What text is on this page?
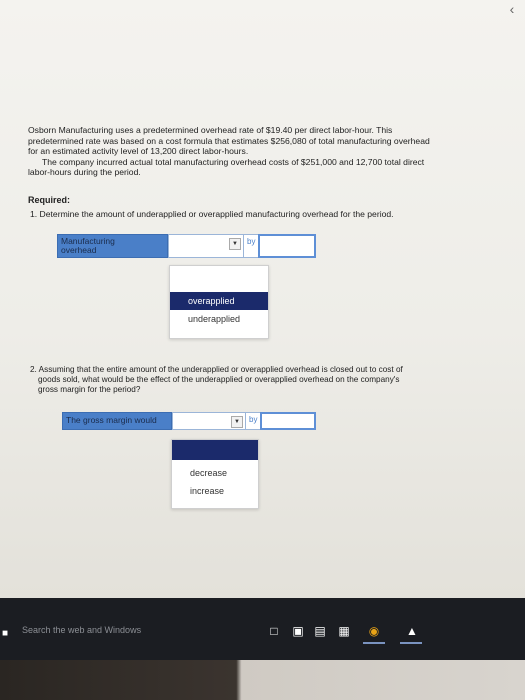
‹

Osborn Manufacturing uses a predetermined overhead rate of $19.40 per direct labor-hour. This

predetermined rate was based on a cost formula that estimates $256,080 of total manufacturing overhead

for an estimated activity level of 13,200 direct labor-hours.

The company incurred actual total manufacturing overhead costs of $251,000 and 12,700 total direct

labor-hours during the period.

Required:
1. Determine the amount of underapplied or overapplied manufacturing overhead for the period.
Manufacturing
overhead
▼	by
overapplied
underapplied
2. Assuming that the entire amount of the underapplied or overapplied overhead is closed out to cost of
goods sold, what would be the effect of the underapplied or overapplied overhead on the company's
gross margin for the period?
The gross margin would	▼	by
decrease
increase
■	Search the web and Windows	□	▣ ▤ ▦ ◉ ▲
